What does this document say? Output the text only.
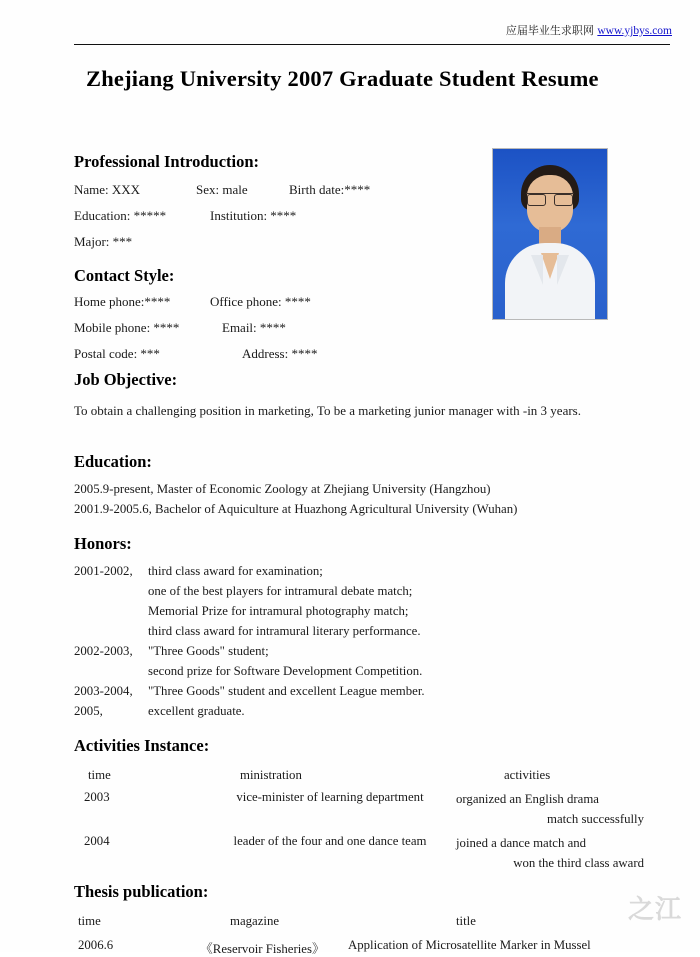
应届毕业生求职网 www.yjbys.com
Zhejiang University 2007 Graduate Student Resume
Professional Introduction:
Name: XXX	Sex: male	Birth date:****
Education: *****	Institution: ****
Major: ***
Contact Style:
Home phone:****	Office phone: ****
Mobile phone: ****	Email: ****
Postal code: ***	Address: ****
Job Objective:

To obtain a challenging position in marketing, To be a marketing junior manager with -in 3 years.

Education:

2005.9-present, Master of Economic Zoology at Zhejiang University (Hangzhou)

2001.9-2005.6, Bachelor of Aquiculture at Huazhong Agricultural University (Wuhan)

Honors:
2001-2002, third class award for examination;
one of the best players for intramural debate match;
Memorial Prize for intramural photography match;
third class award for intramural literary performance.
2002-2003, "Three Goods" student;
second prize for Software Development Competition.
2003-2004, "Three Goods" student and excellent League member.
2005,	excellent graduate.
Activities Instance:
time	ministration	activities
2003	vice-minister of learning department	organized an English drama
match successfully
2004	leader of the four and one dance team	joined a dance match and
won the third class award
Thesis publication:
time	magazine	title
2006.6	《Reservoir Fisheries》 Application of Microsatellite Marker in Mussel
之江
